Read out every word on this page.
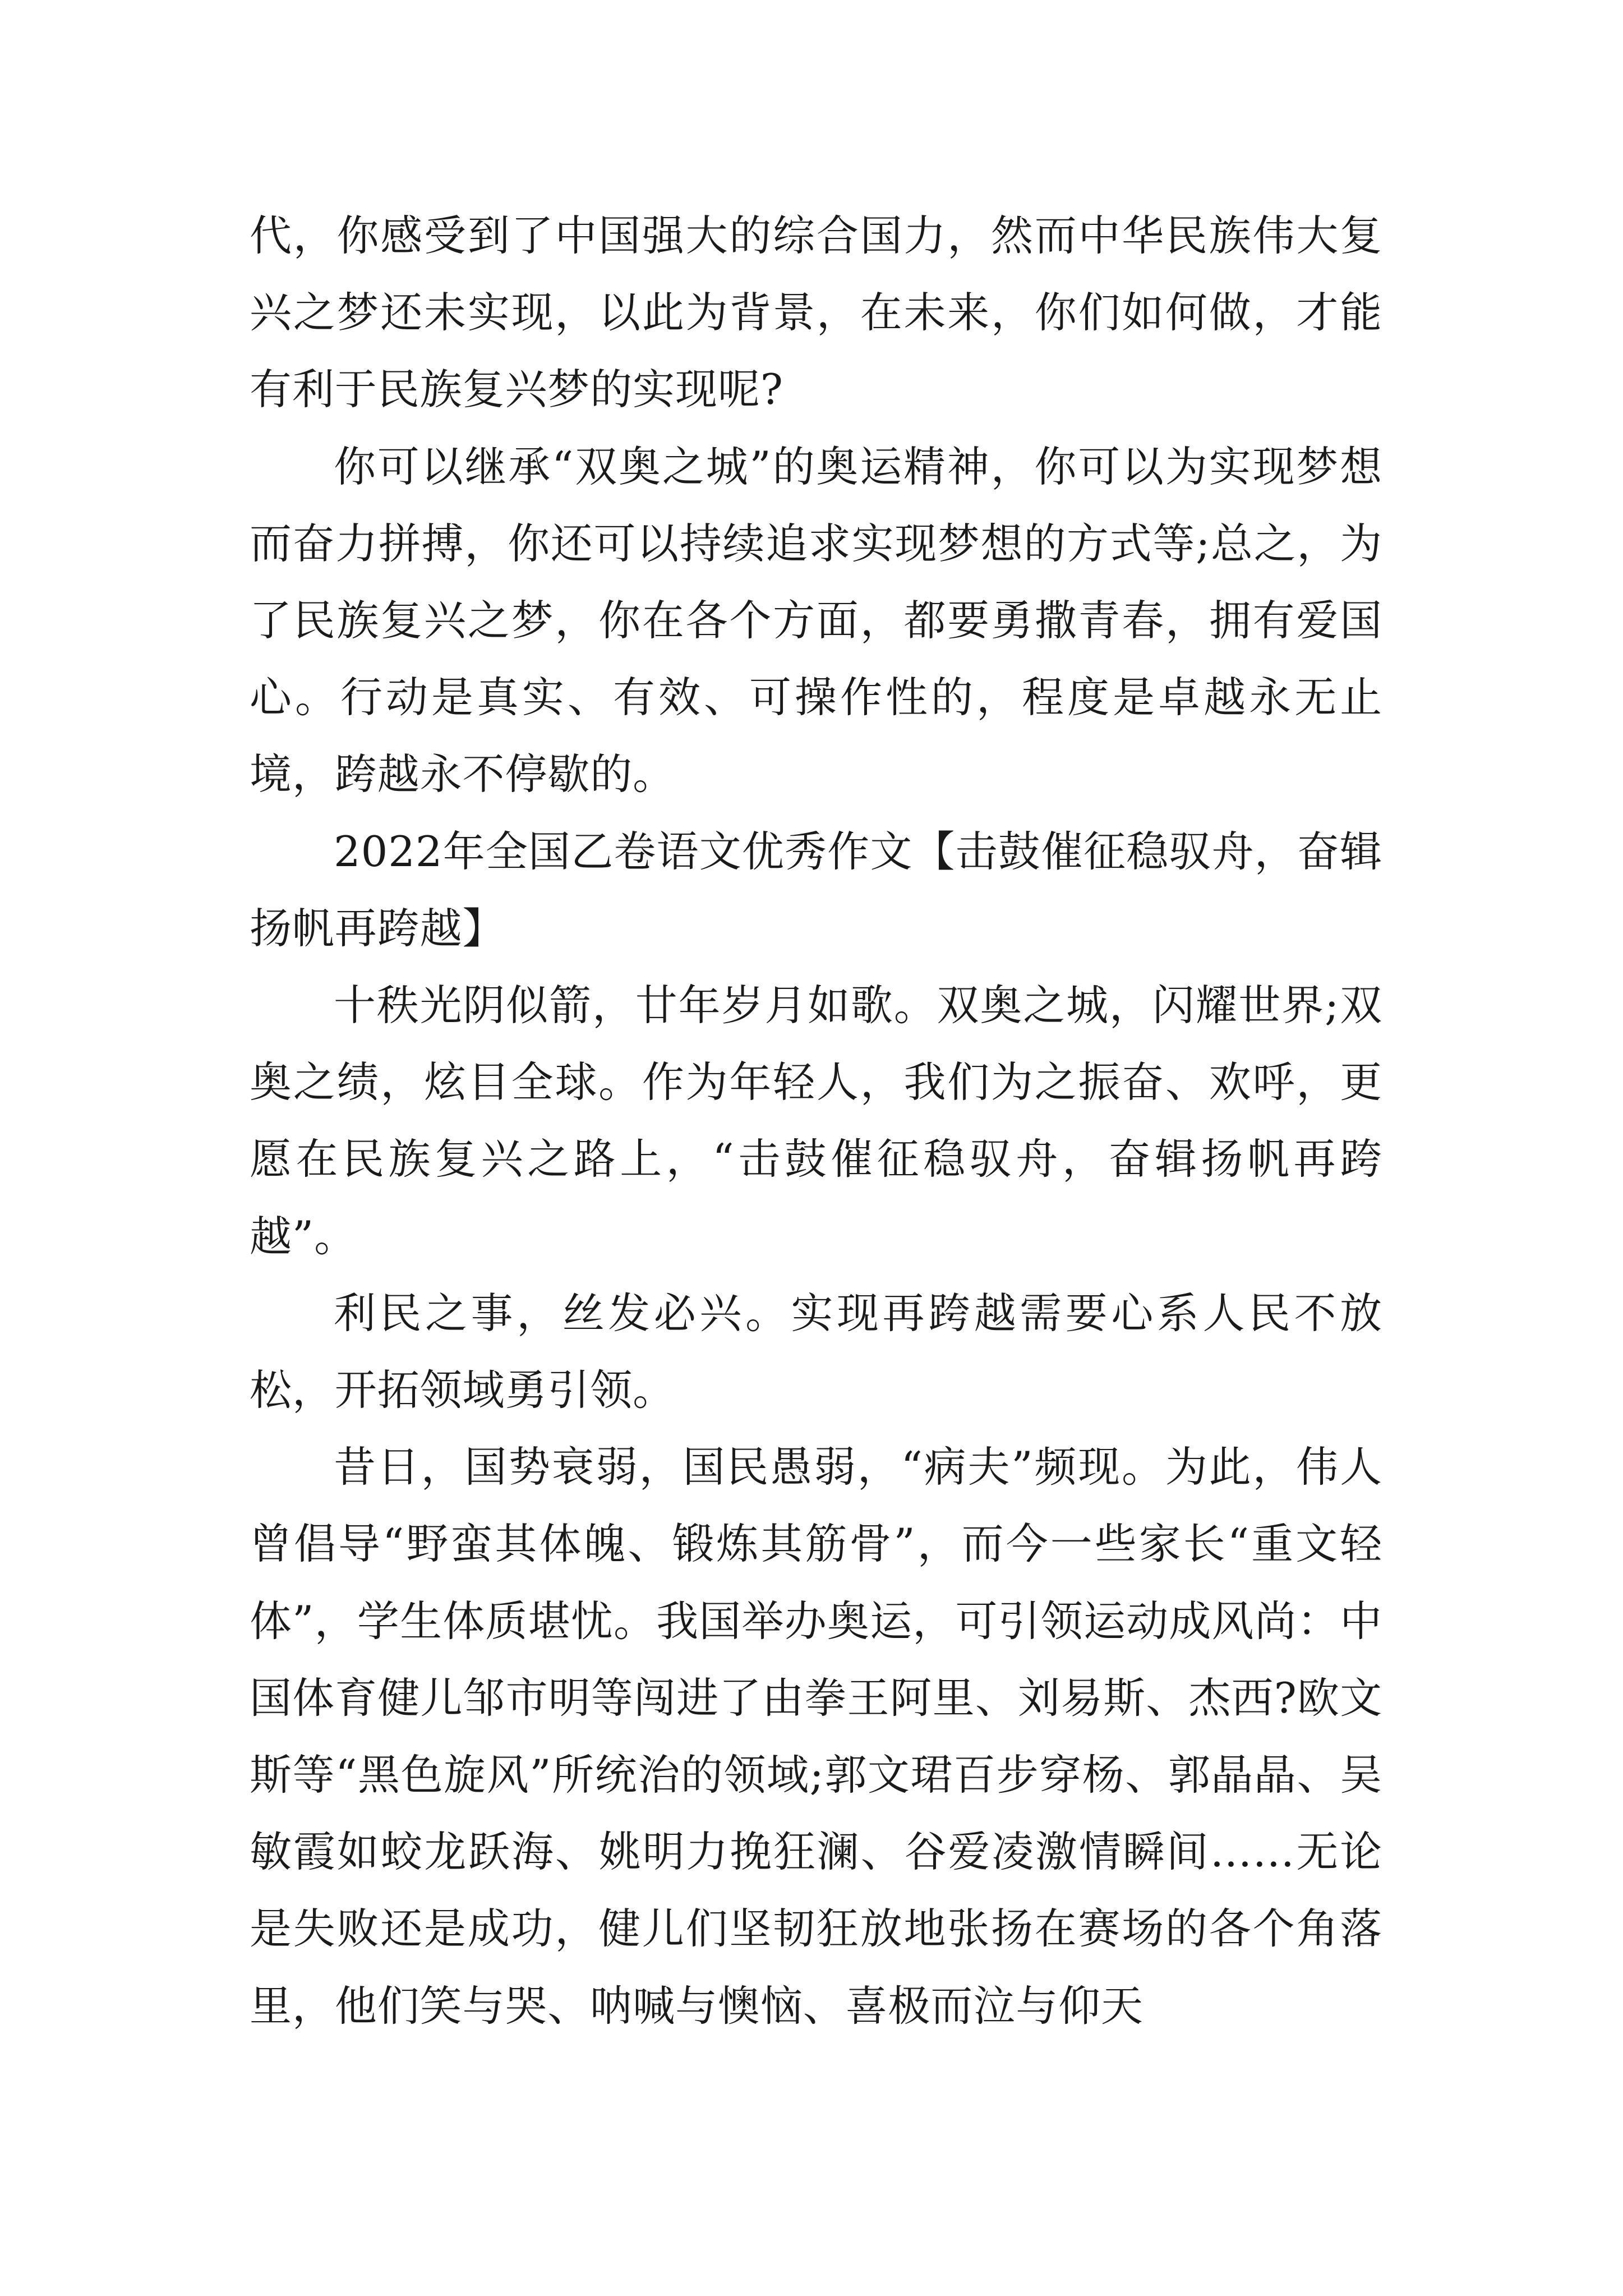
代，你感受到了中国强大的综合国力，然而中华民族伟大复兴之梦还未实现，以此为背景，在未来，你们如何做，才能有利于民族复兴梦的实现呢?

你可以继承“双奥之城”的奥运精神，你可以为实现梦想而奋力拼搏，你还可以持续追求实现梦想的方式等;总之，为了民族复兴之梦，你在各个方面，都要勇撒青春，拥有爱国心。行动是真实、有效、可操作性的，程度是卓越永无止境，跨越永不停歇的。

2022年全国乙卷语文优秀作文【击鼓催征稳驭舟，奋辑扬帆再跨越】

十秩光阴似箭，廿年岁月如歌。双奥之城，闪耀世界;双奥之绩，炫目全球。作为年轻人，我们为之振奋、欢呼，更愿在民族复兴之路上，“击鼓催征稳驭舟，奋辑扬帆再跨越”。

利民之事，丝发必兴。实现再跨越需要心系人民不放松，开拓领域勇引领。

昔日，国势衰弱，国民愚弱，“病夫”频现。为此，伟人曾倡导“野蛮其体魄、锻炼其筋骨”，而今一些家长“重文轻体”，学生体质堪忧。我国举办奥运，可引领运动成风尚：中国体育健儿邹市明等闯进了由拳王阿里、刘易斯、杰西?欧文斯等“黑色旋风”所统治的领域;郭文珺百步穿杨、郭晶晶、吴敏霞如蛟龙跃海、姚明力挽狂澜、谷爱凌激情瞬间……无论是失败还是成功，健儿们坚韧狂放地张扬在赛场的各个角落里，他们笑与哭、呐喊与懊恼、喜极而泣与仰天
